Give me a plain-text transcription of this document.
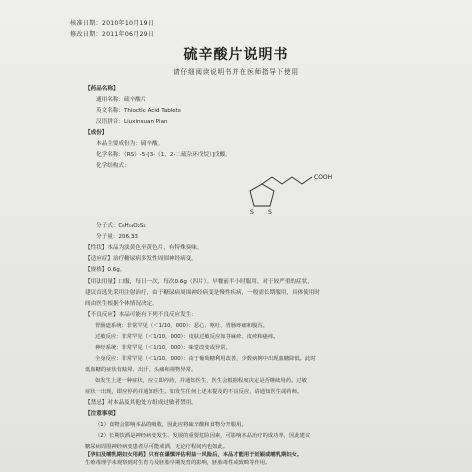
核准日期：2010年10月19日
修改日期：2011年06月29日
硫辛酸片说明书
请仔细阅读说明书并在医师指导下使用
【药品名称】
通用名称：硫辛酸片
英文名称：Thioctic Acid Tablets
汉语拼音：Liuxinsuan Pian
【成份】
本品主要成份为：硫辛酸。
化学名称：（RS）-5-[3-（1，2-二硫杂环戊烷）]戊酸。
化学结构式：
S S
COOH
分子式：C₈H₁₄O₂S₂
分子量：206.33
【性状】本品为淡黄色至黄色片，有特殊臭味。
【适应症】治疗糖尿病多发性周围神经病变。
【规格】0.6g。
【用法用量】口服，每日一次，每次0.6g（四片）。早餐前半小时服用。对于较严重的症状，
建议首选先采用注射治疗，由于糖尿病周围神经病变是慢性疾病，一般需长期服用，具体使用时
间由医生根据个体情况决定。
【不良反应】本品可能有下列不良反应发生：
胃肠道系统：非常罕见（＜1/10，000）：恶心、呕吐、胃肠疼痛和腹泻。
过敏反应：非常罕见（＜1/10，000）：皮肤过敏反应如荨麻疹、皮疹和瘙痒。
神经系统：非常罕见（＜1/10，000）：味觉改变或异常。
全身反应：非常罕见（＜1/10，000）：由于葡萄糖利用改善，少数病例中出现血糖降低。此时
低血糖的症状有眩晕、出汗、头痛和视物异常。
如发生上述一种症状，应立即停药，并通知医生，医生会根据程度决定是否继续用药。过敏
症状一出现，即应停药并通知医生。如发生任何上述未提及的不良反应，请通知医生或药师。
【禁忌】对本品及其他处方组成过敏者禁用。
【注意事项】
（1）食物会影响本品的吸收，因此应将硫辛酸和食物分开服用。
（2）长期饮酒是神经病变发生、发展的重要危险因素，可影响本品治疗的成功率，因此建议
糖尿病周围神经病变患者尽可能戒酒，无论疗程间内也如此。
【孕妇及哺乳期妇女用药】只有在谨慎评估利益一风险后，本品才能用于妊娠或哺乳期妇女。
生殖毒理学未观察到对生育力及胚胎早期发育的影响，胚胎毒性或致畸等作用。
